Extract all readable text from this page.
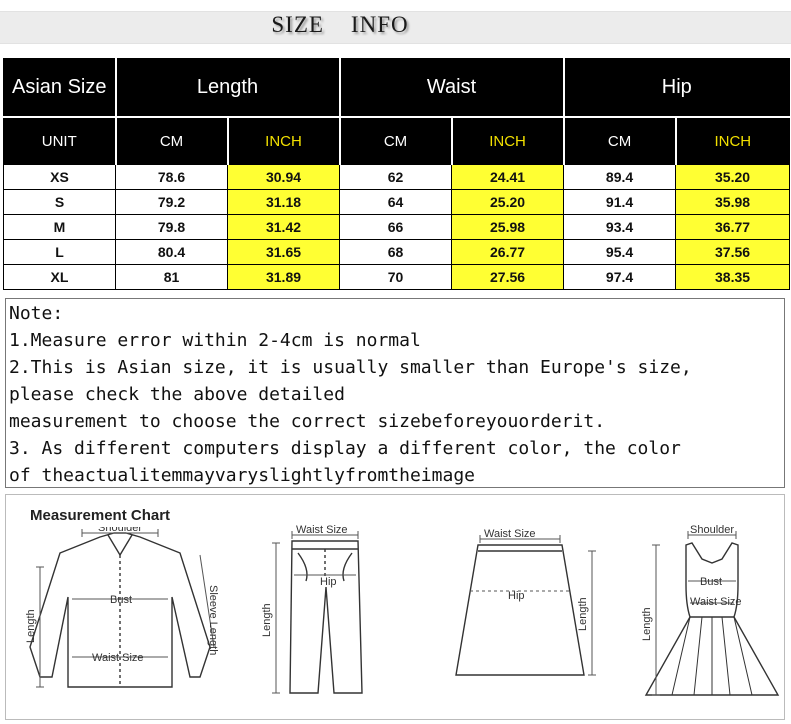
SIZE    INFO
Asian Size	Length		Waist		Hip	
UNIT	CM	INCH	CM	INCH	CM	INCH
XS	78.6	30.94	62	24.41	89.4	35.20
S	79.2	31.18	64	25.20	91.4	35.98
M	79.8	31.42	66	25.98	93.4	36.77
L	80.4	31.65	68	26.77	95.4	37.56
XL	81	31.89	70	27.56	97.4	38.35
Note:
1.Measure error within 2-4cm is normal
2.This is Asian size, it is usually smaller than Europe's size,
please check the above detailed
measurement to choose the correct sizebeforeyouorderit.
3. As different computers display a different color, the color
of theactualitemmayvaryslightlyfromtheimage
Measurement Chart
Shoulder
Bust
Waist Size
Length	Sleeve Length
Waist Size
Hip
Length
Waist Size
Hip
Length
Shoulder
Bust
Waist Size
Length
